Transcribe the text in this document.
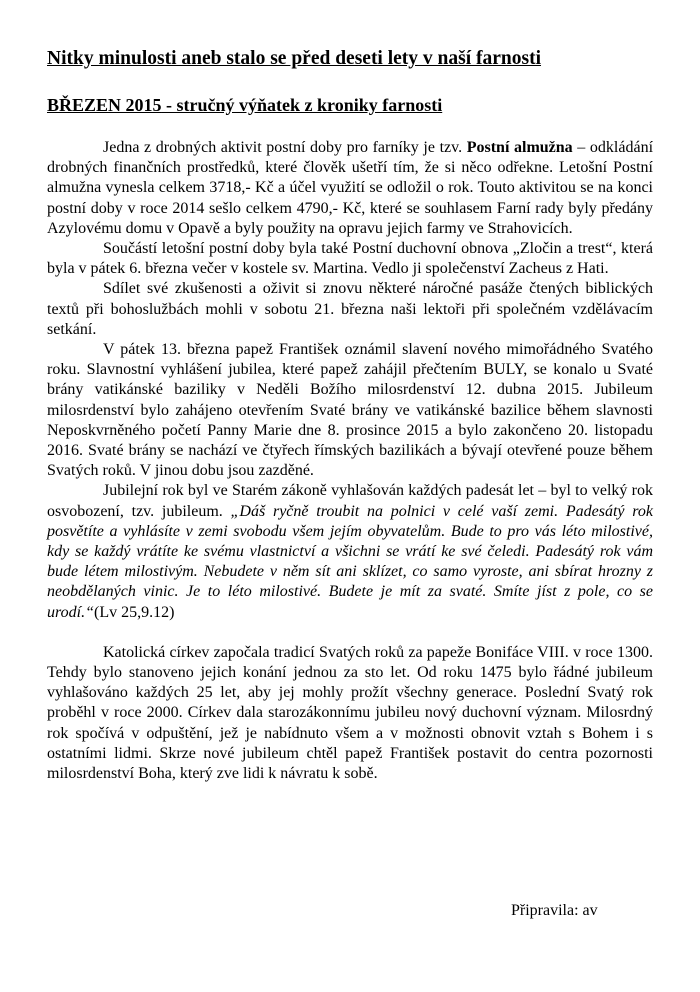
Nitky minulosti aneb stalo se před deseti lety v naší farnosti
BŘEZEN 2015 - stručný výňatek z kroniky farnosti

Jedna z drobných aktivit postní doby pro farníky je tzv. Postní almužna – odkládání drobných finančních prostředků, které člověk ušetří tím, že si něco odřekne. Letošní Postní almužna vynesla celkem 3718,- Kč a účel využití se odložil o rok. Touto aktivitou se na konci postní doby v roce 2014 sešlo celkem 4790,- Kč, které se souhlasem Farní rady byly předány Azylovému domu v Opavě a byly použity na opravu jejich farmy ve Strahovicích.

Součástí letošní postní doby byla také Postní duchovní obnova „Zločin a trest“, která byla v pátek 6. března večer v kostele sv. Martina. Vedlo ji společenství Zacheus z Hati.

Sdílet své zkušenosti a oživit si znovu některé náročné pasáže čtených biblických textů při bohoslužbách mohli v sobotu 21. března naši lektoři při společném vzdělávacím setkání.

V pátek 13. března papež František oznámil slavení nového mimořádného Svatého roku. Slavnostní vyhlášení jubilea, které papež zahájil přečtením BULY, se konalo u Svaté brány vatikánské baziliky v Neděli Božího milosrdenství 12. dubna 2015. Jubileum milosrdenství bylo zahájeno otevřením Svaté brány ve vatikánské bazilice během slavnosti Neposkvrněného početí Panny Marie dne 8. prosince 2015 a bylo zakončeno 20. listopadu 2016. Svaté brány se nachází ve čtyřech římských bazilikách a bývají otevřené pouze během Svatých roků. V jinou dobu jsou zazděné.

Jubilejní rok byl ve Starém zákoně vyhlašován každých padesát let – byl to velký rok osvobození, tzv. jubileum. „Dáš ryčně troubit na polnici v celé vaší zemi. Padesátý rok posvětíte a vyhlásíte v zemi svobodu všem jejím obyvatelům. Bude to pro vás léto milostivé, kdy se každý vrátíte ke svému vlastnictví a všichni se vrátí ke své čeledi. Padesátý rok vám bude létem milostivým. Nebudete v něm sít ani sklízet, co samo vyroste, ani sbírat hrozny z neobdělaných vinic. Je to léto milostivé. Budete je mít za svaté. Smíte jíst z pole, co se urodí.“(Lv 25,9.12)

Katolická církev započala tradicí Svatých roků za papeže Bonifáce VIII. v roce 1300. Tehdy bylo stanoveno jejich konání jednou za sto let. Od roku 1475 bylo řádné jubileum vyhlašováno každých 25 let, aby jej mohly prožít všechny generace. Poslední Svatý rok proběhl v roce 2000. Církev dala starozákonnímu jubileu nový duchovní význam. Milosrdný rok spočívá v odpuštění, jež je nabídnuto všem a v možnosti obnovit vztah s Bohem i s ostatními lidmi. Skrze nové jubileum chtěl papež František postavit do centra pozornosti milosrdenství Boha, který zve lidi k návratu k sobě.

Připravila: av
